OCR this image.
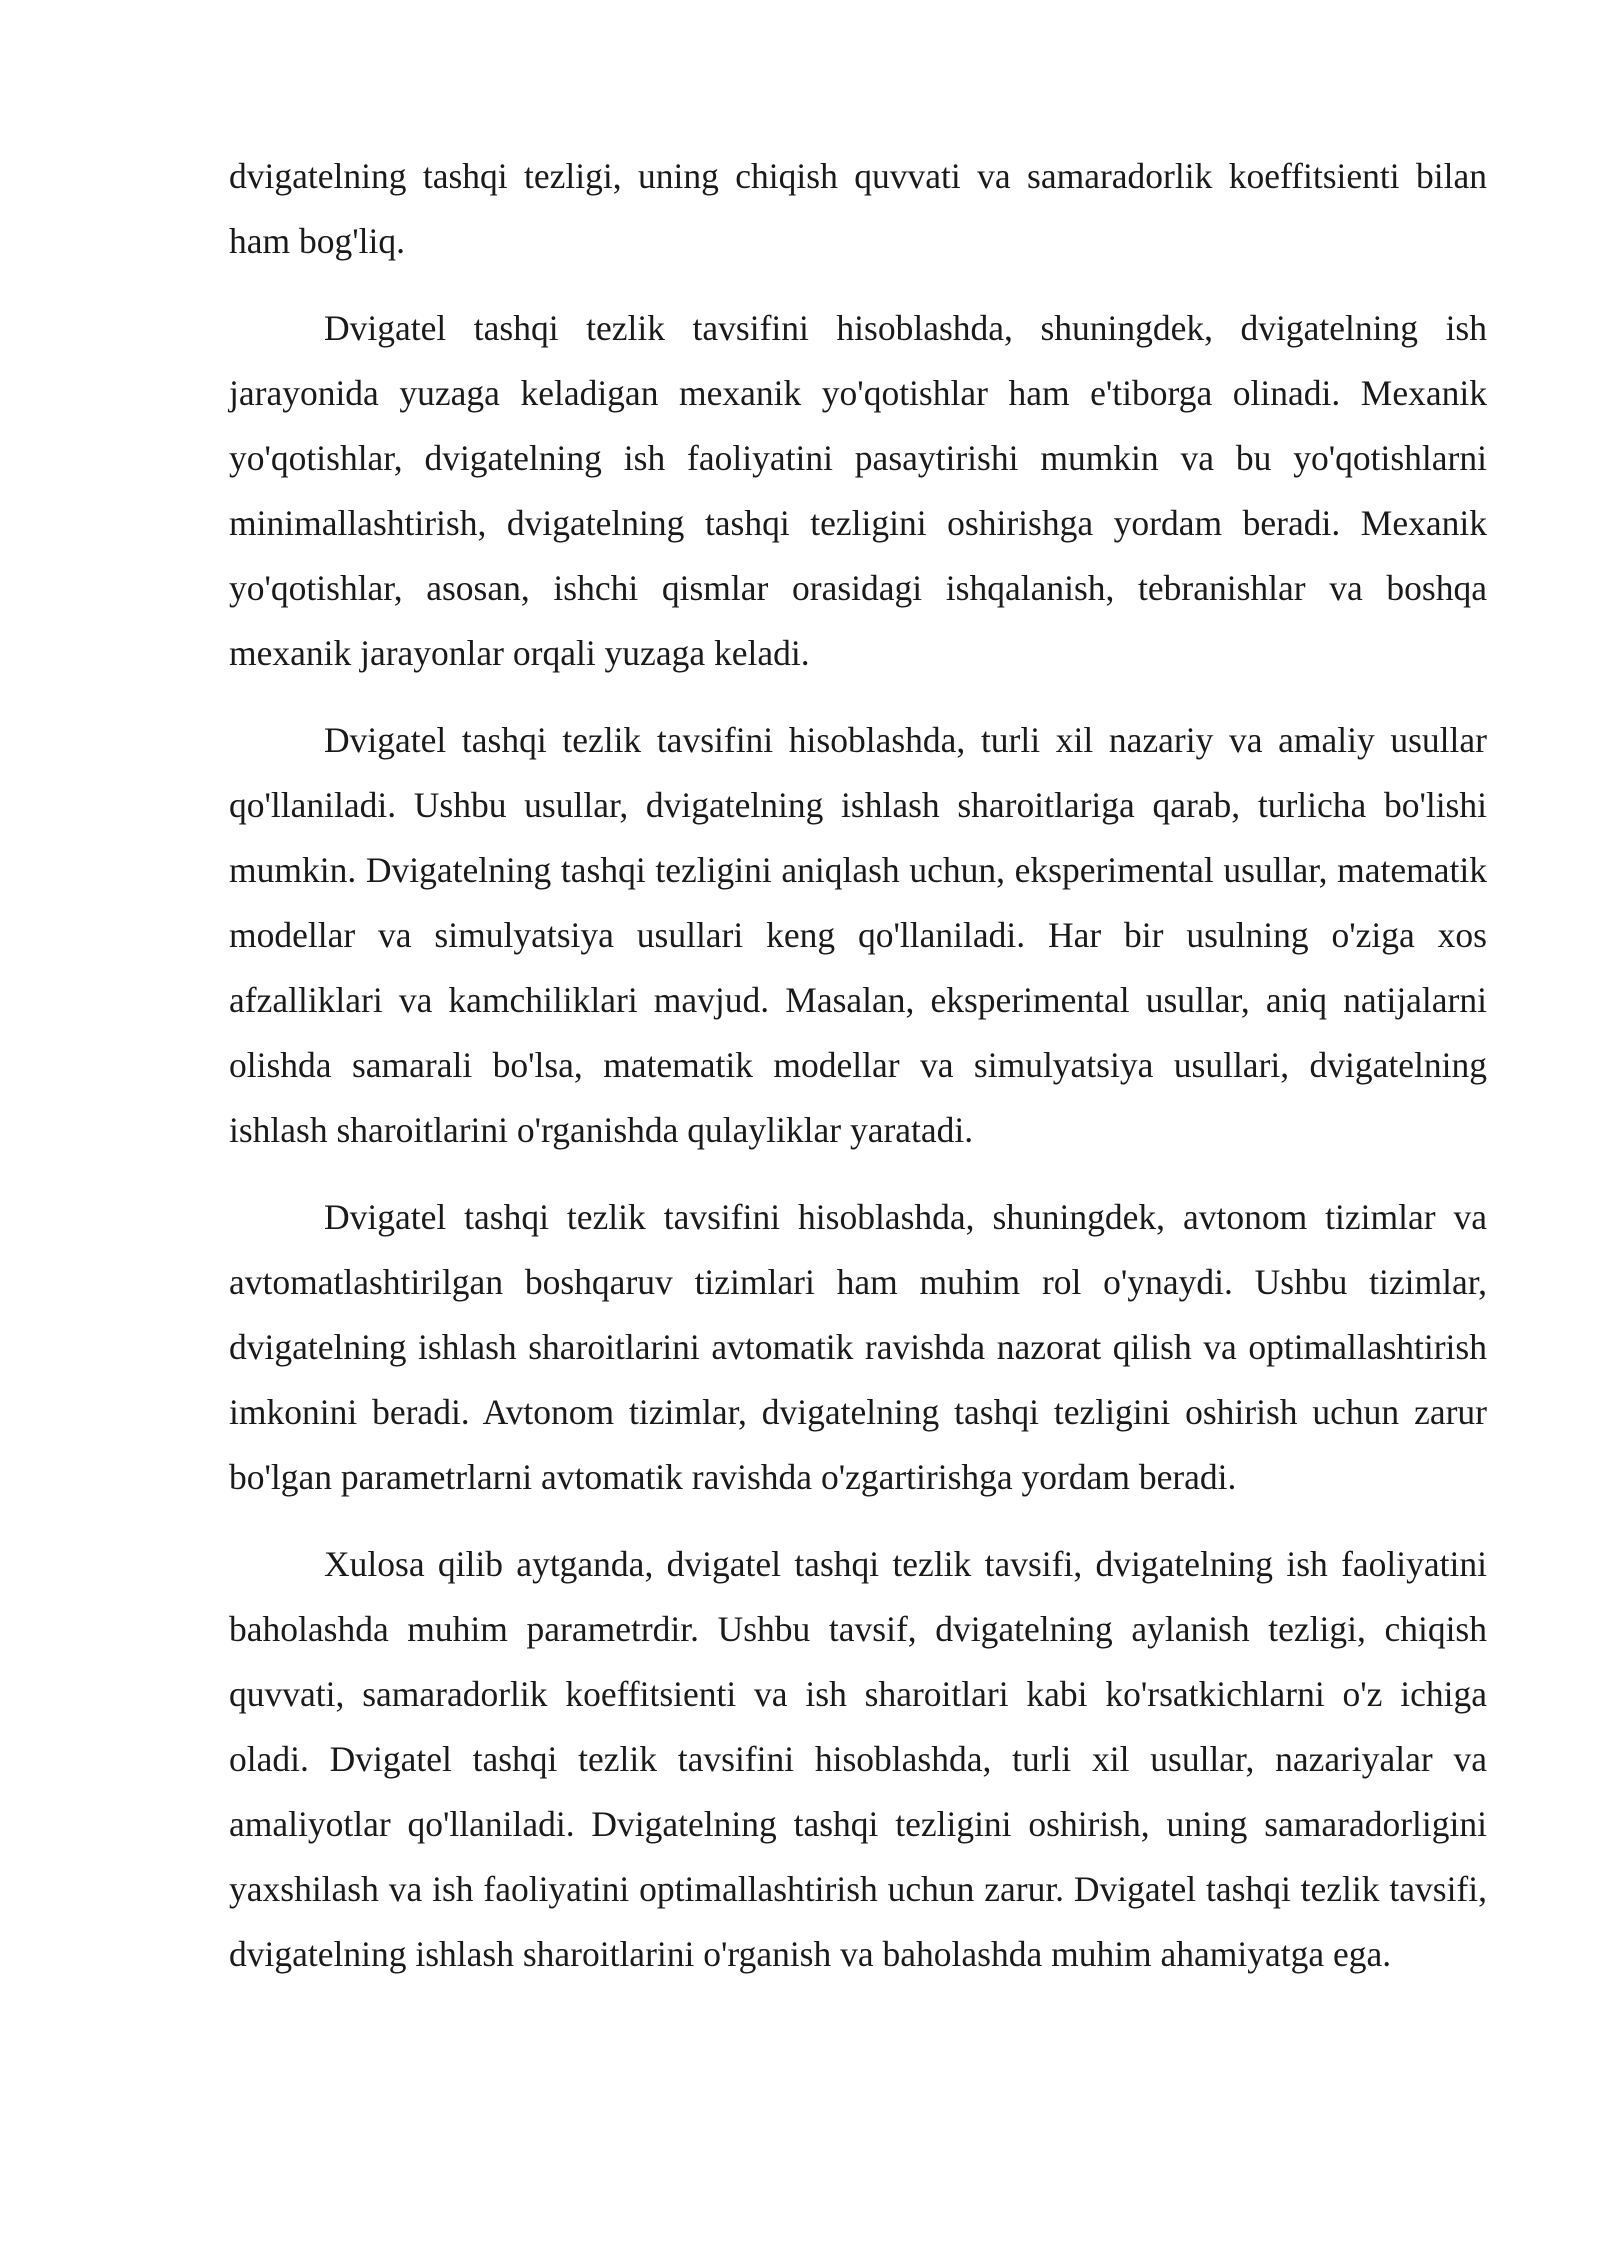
dvigatelning tashqi tezligi, uning chiqish quvvati va samaradorlik koeffitsienti bilan ham bog'liq.

Dvigatel tashqi tezlik tavsifini hisoblashda, shuningdek, dvigatelning ish jarayonida yuzaga keladigan mexanik yo'qotishlar ham e'tiborga olinadi. Mexanik yo'qotishlar, dvigatelning ish faoliyatini pasaytirishi mumkin va bu yo'qotishlarni minimallashtirish, dvigatelning tashqi tezligini oshirishga yordam beradi. Mexanik yo'qotishlar, asosan, ishchi qismlar orasidagi ishqalanish, tebranishlar va boshqa mexanik jarayonlar orqali yuzaga keladi.

Dvigatel tashqi tezlik tavsifini hisoblashda, turli xil nazariy va amaliy usullar qo'llaniladi. Ushbu usullar, dvigatelning ishlash sharoitlariga qarab, turlicha bo'lishi mumkin. Dvigatelning tashqi tezligini aniqlash uchun, eksperimental usullar, matematik modellar va simulyatsiya usullari keng qo'llaniladi. Har bir usulning o'ziga xos afzalliklari va kamchiliklari mavjud. Masalan, eksperimental usullar, aniq natijalarni olishda samarali bo'lsa, matematik modellar va simulyatsiya usullari, dvigatelning ishlash sharoitlarini o'rganishda qulayliklar yaratadi.

Dvigatel tashqi tezlik tavsifini hisoblashda, shuningdek, avtonom tizimlar va avtomatlashtirilgan boshqaruv tizimlari ham muhim rol o'ynaydi. Ushbu tizimlar, dvigatelning ishlash sharoitlarini avtomatik ravishda nazorat qilish va optimallashtirish imkonini beradi. Avtonom tizimlar, dvigatelning tashqi tezligini oshirish uchun zarur bo'lgan parametrlarni avtomatik ravishda o'zgartirishga yordam beradi.

Xulosa qilib aytganda, dvigatel tashqi tezlik tavsifi, dvigatelning ish faoliyatini baholashda muhim parametrdir. Ushbu tavsif, dvigatelning aylanish tezligi, chiqish quvvati, samaradorlik koeffitsienti va ish sharoitlari kabi ko'rsatkichlarni o'z ichiga oladi. Dvigatel tashqi tezlik tavsifini hisoblashda, turli xil usullar, nazariyalar va amaliyotlar qo'llaniladi. Dvigatelning tashqi tezligini oshirish, uning samaradorligini yaxshilash va ish faoliyatini optimallashtirish uchun zarur. Dvigatel tashqi tezlik tavsifi, dvigatelning ishlash sharoitlarini o'rganish va baholashda muhim ahamiyatga ega.
